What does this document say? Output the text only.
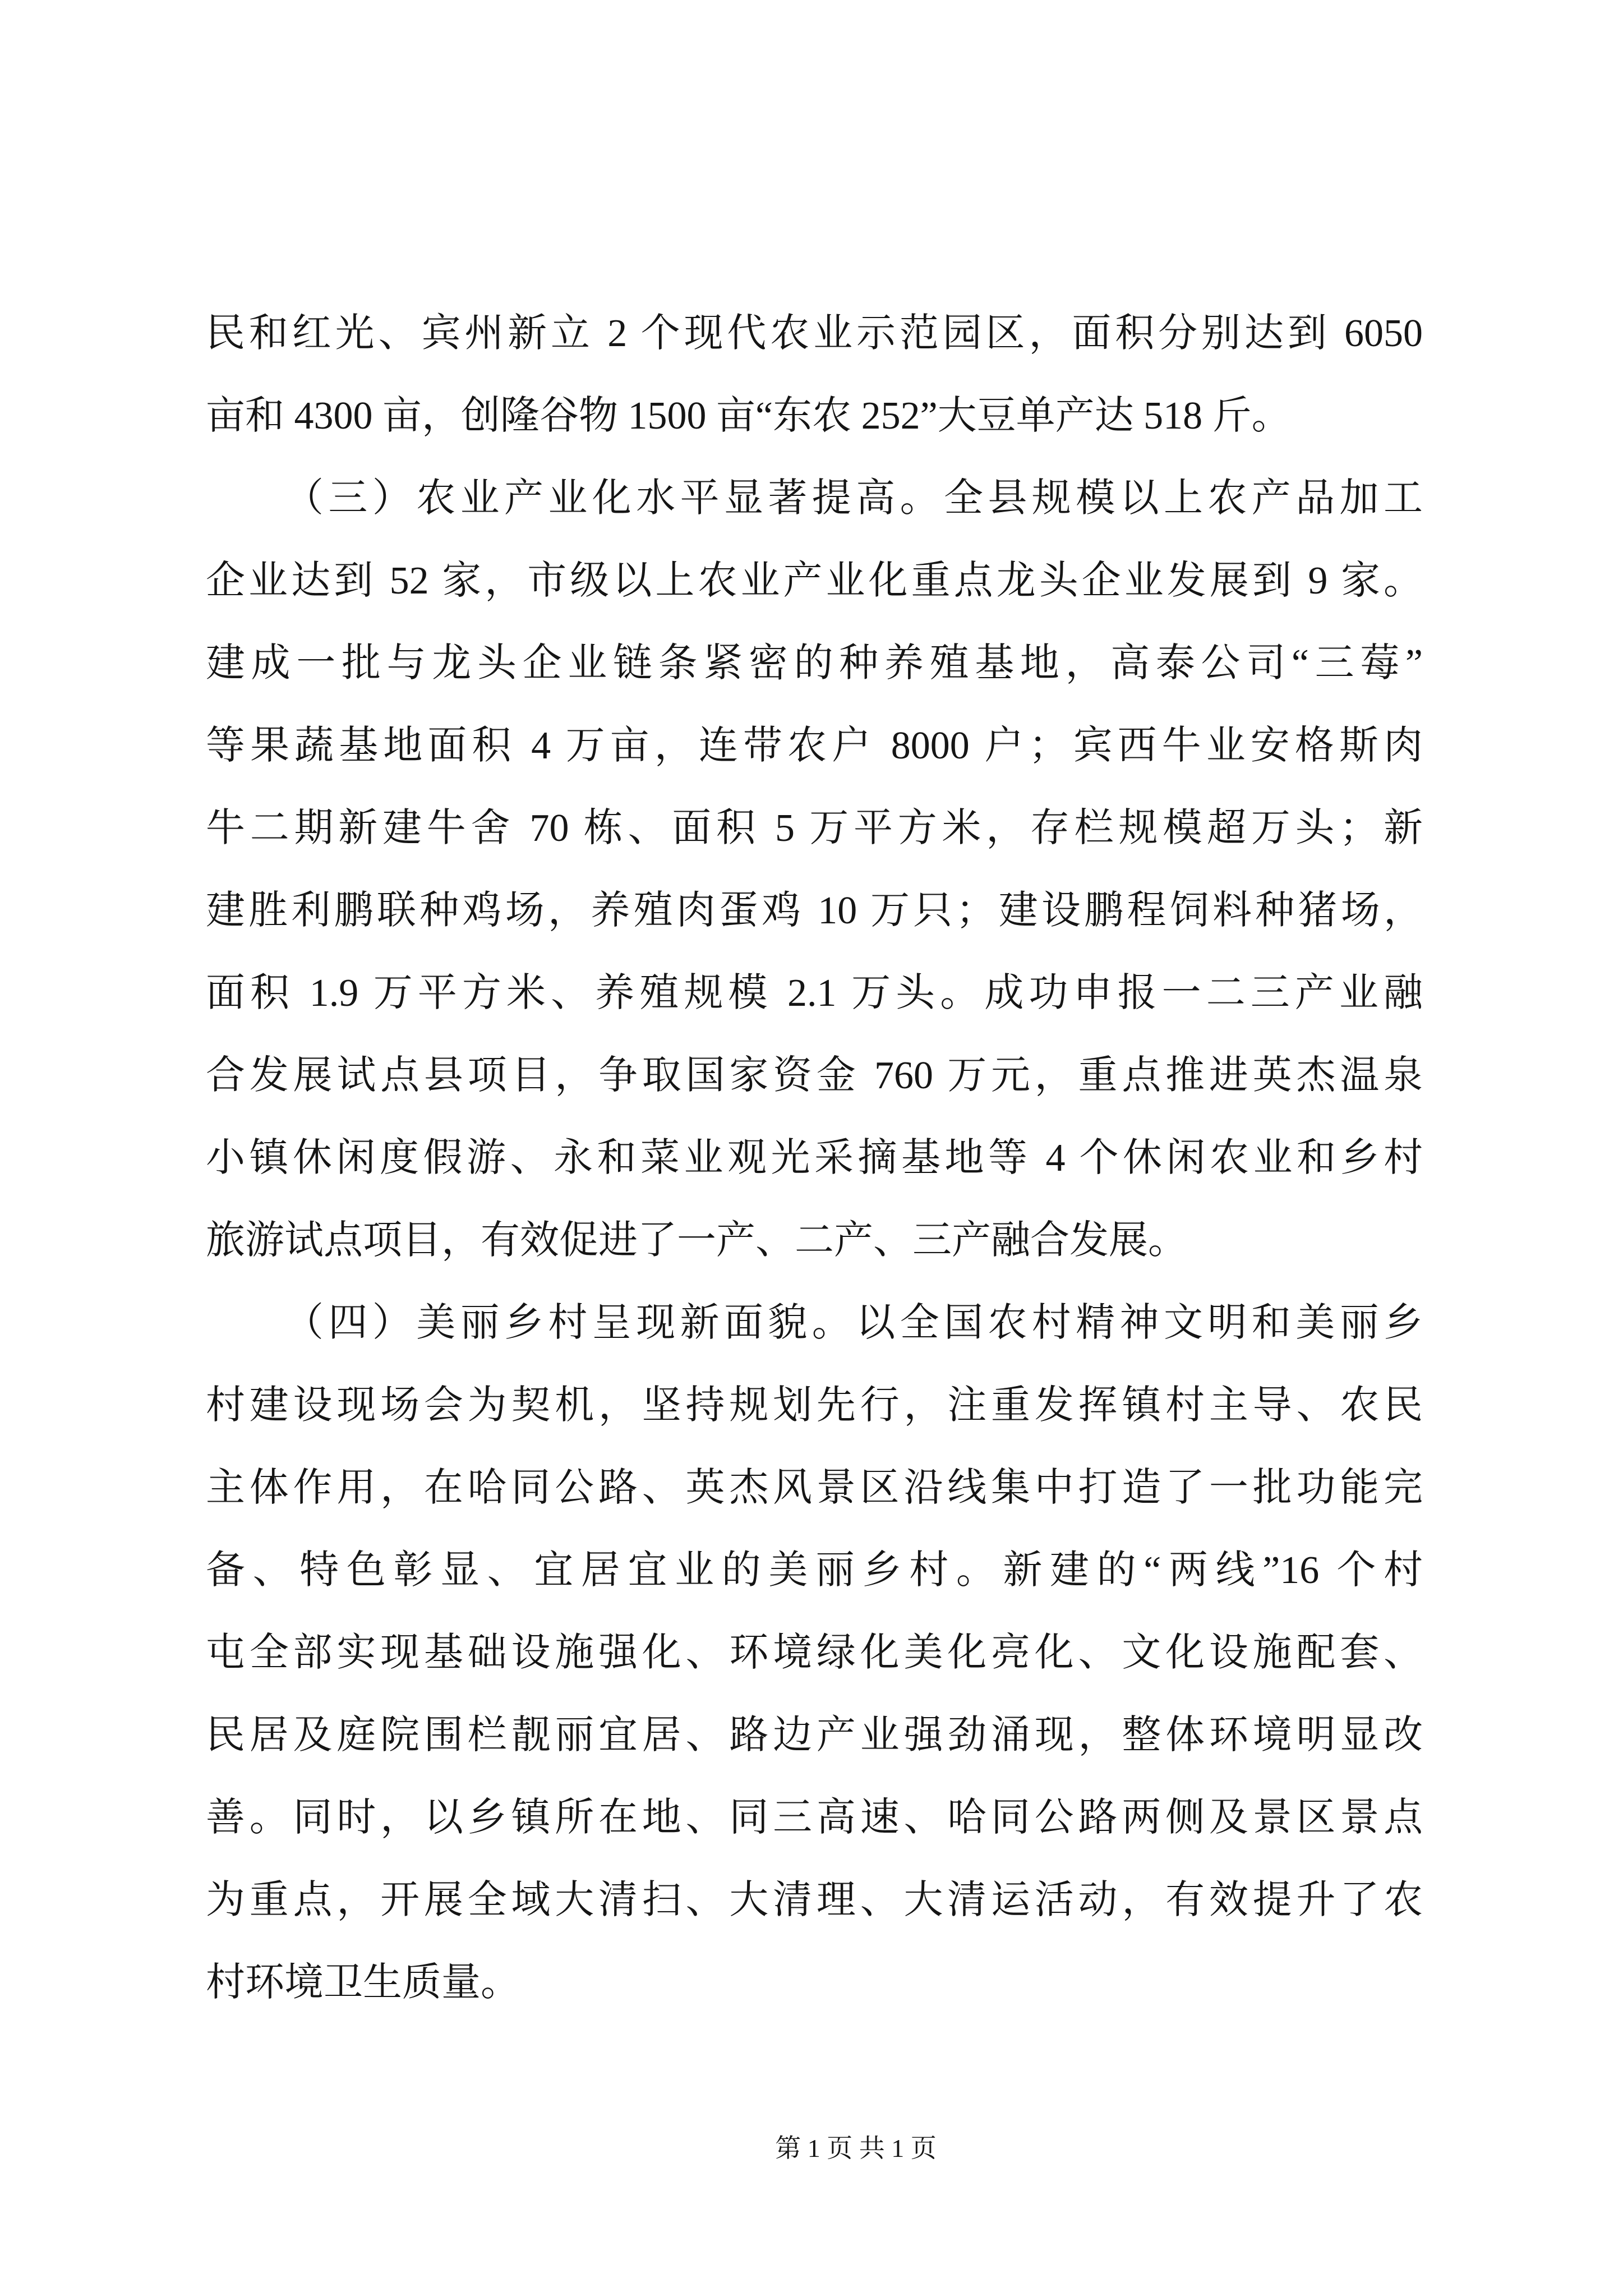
民和红光、宾州新立 2 个现代农业示范园区，面积分别达到 6050
亩和 4300 亩，创隆谷物 1500 亩“东农 252”大豆单产达 518 斤。
（三）农业产业化水平显著提高。全县规模以上农产品加工
企业达到 52 家，市级以上农业产业化重点龙头企业发展到 9 家。
建成一批与龙头企业链条紧密的种养殖基地，高泰公司“三莓”
等果蔬基地面积 4 万亩，连带农户 8000 户；宾西牛业安格斯肉
牛二期新建牛舍 70 栋、面积 5 万平方米，存栏规模超万头；新
建胜利鹏联种鸡场，养殖肉蛋鸡 10 万只；建设鹏程饲料种猪场，
面积 1.9 万平方米、养殖规模 2.1 万头。成功申报一二三产业融
合发展试点县项目，争取国家资金 760 万元，重点推进英杰温泉
小镇休闲度假游、永和菜业观光采摘基地等 4 个休闲农业和乡村
旅游试点项目，有效促进了一产、二产、三产融合发展。
（四）美丽乡村呈现新面貌。以全国农村精神文明和美丽乡
村建设现场会为契机，坚持规划先行，注重发挥镇村主导、农民
主体作用，在哈同公路、英杰风景区沿线集中打造了一批功能完
备、特色彰显、宜居宜业的美丽乡村。新建的“两线”16 个村
屯全部实现基础设施强化、环境绿化美化亮化、文化设施配套、
民居及庭院围栏靓丽宜居、路边产业强劲涌现，整体环境明显改
善。同时，以乡镇所在地、同三高速、哈同公路两侧及景区景点
为重点，开展全域大清扫、大清理、大清运活动，有效提升了农
村环境卫生质量。
第 1 页 共 1 页
